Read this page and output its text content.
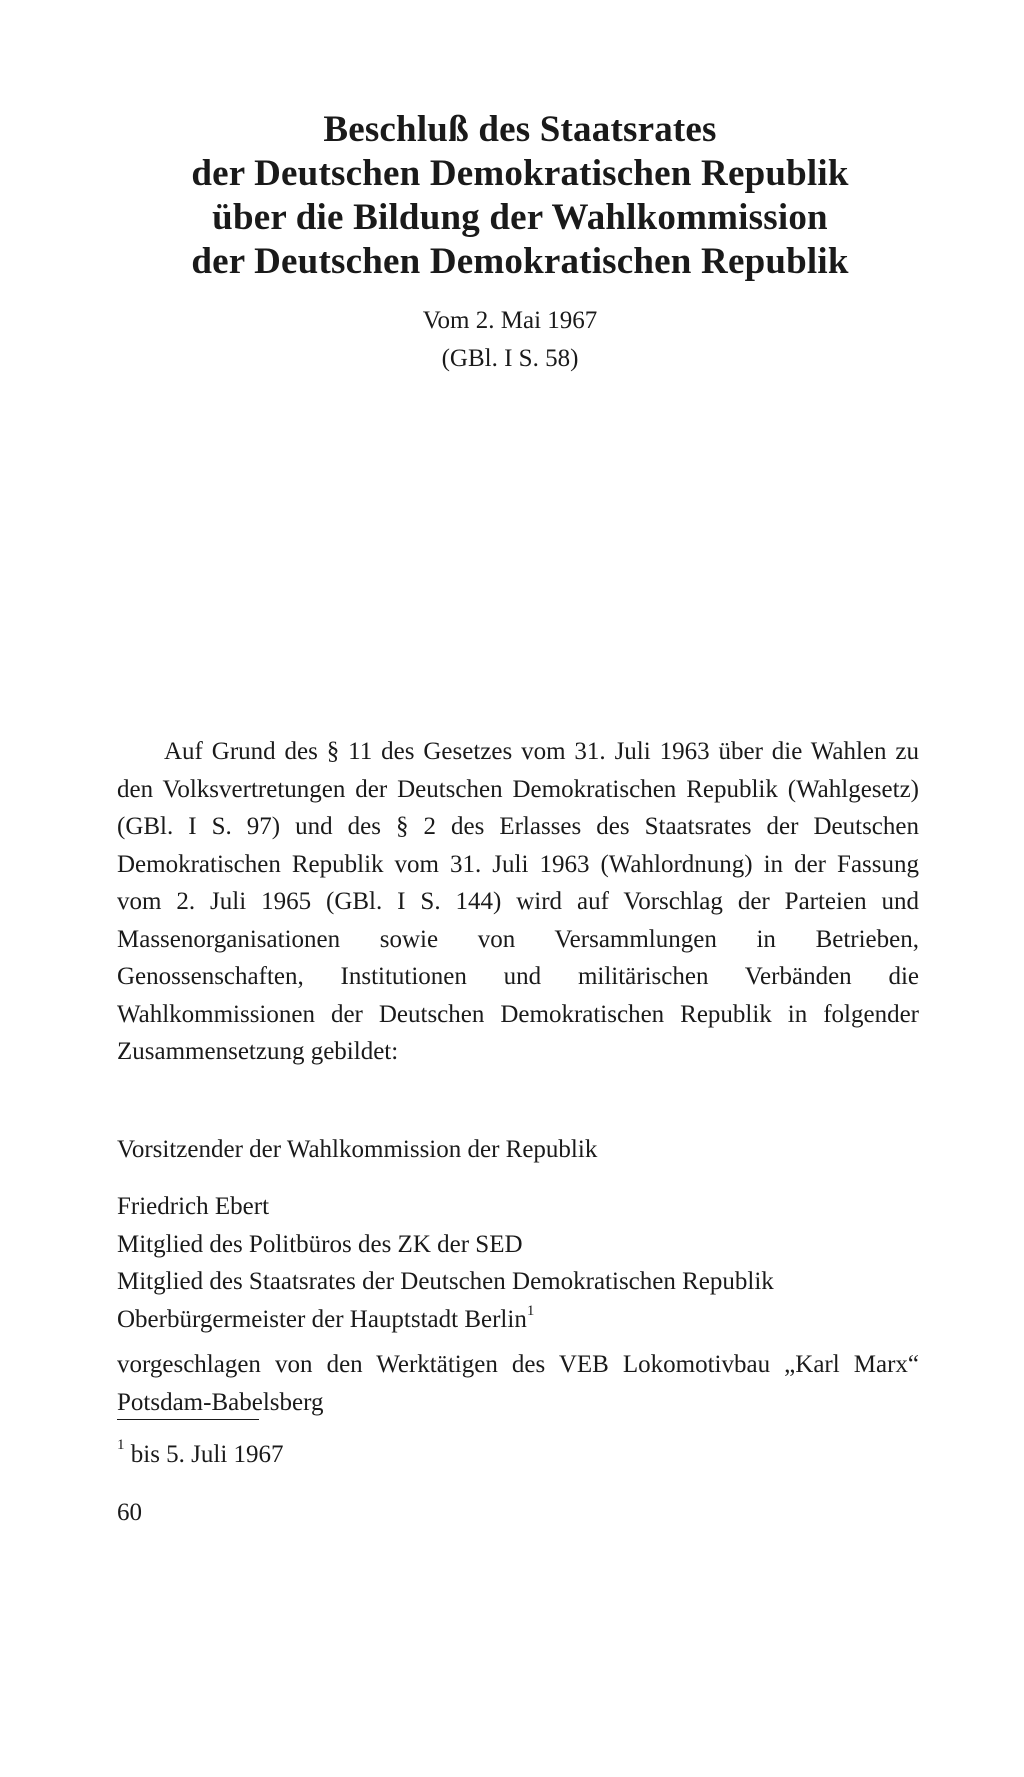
Beschluß des Staatsrates
der Deutschen Demokratischen Republik
über die Bildung der Wahlkommission
der Deutschen Demokratischen Republik
Vom 2. Mai 1967
(GBl. I S. 58)
Auf Grund des § 11 des Gesetzes vom 31. Juli 1963 über die Wahlen zu den Volksvertretungen der Deutschen Demokratischen Republik (Wahlgesetz) (GBl. I S. 97) und des § 2 des Erlasses des Staatsrates der Deutschen Demokratischen Republik vom 31. Juli 1963 (Wahlordnung) in der Fassung vom 2. Juli 1965 (GBl. I S. 144) wird auf Vorschlag der Parteien und Massenorganisationen sowie von Versammlungen in Betrieben, Genossenschaften, Institutionen und militärischen Verbänden die Wahlkommissionen der Deutschen Demokratischen Republik in folgender Zusammensetzung gebildet:
Vorsitzender der Wahlkommission der Republik
Friedrich Ebert
Mitglied des Politbüros des ZK der SED
Mitglied des Staatsrates der Deutschen Demokratischen Republik
Oberbürgermeister der Hauptstadt Berlin$^1$
vorgeschlagen von den Werktätigen des VEB Lokomotivbau „Karl Marx“ Potsdam-Babelsberg
$^1$ bis 5. Juli 1967
60
